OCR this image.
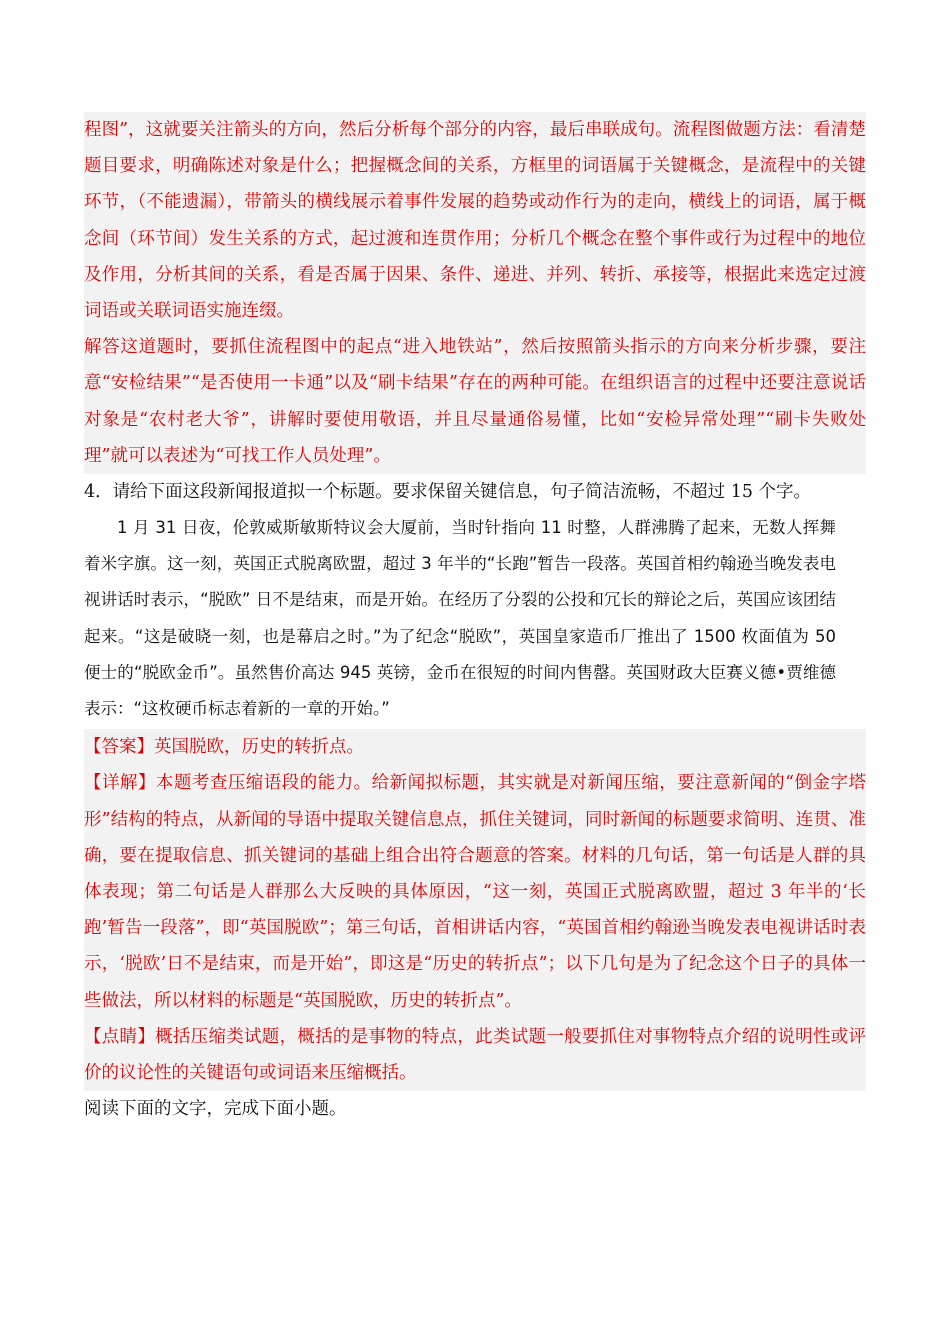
程图”，这就要关注箭头的方向，然后分析每个部分的内容，最后串联成句。流程图做题方法：看清楚题目要求，明确陈述对象是什么；把握概念间的关系，方框里的词语属于关键概念，是流程中的关键环节，（不能遗漏），带箭头的横线展示着事件发展的趋势或动作行为的走向，横线上的词语，属于概念间（环节间）发生关系的方式，起过渡和连贯作用；分析几个概念在整个事件或行为过程中的地位及作用，分析其间的关系，看是否属于因果、条件、递进、并列、转折、承接等，根据此来选定过渡词语或关联词语实施连缀。

解答这道题时，要抓住流程图中的起点“进入地铁站”，然后按照箭头指示的方向来分析步骤，要注意“安检结果”“是否使用一卡通”以及“刷卡结果”存在的两种可能。在组织语言的过程中还要注意说话对象是“农村老大爷”，讲解时要使用敬语，并且尽量通俗易懂，比如“安检异常处理”“刷卡失败处理”就可以表述为“可找工作人员处理”。

4．请给下面这段新闻报道拟一个标题。要求保留关键信息，句子简洁流畅，不超过 15 个字。

1 月 31 日夜，伦敦威斯敏斯特议会大厦前，当时针指向 11 时整，人群沸腾了起来，无数人挥舞着米字旗。这一刻，英国正式脱离欧盟，超过 3 年半的“长跑”暂告一段落。英国首相约翰逊当晚发表电视讲话时表示，“脱欧” 日不是结束，而是开始。在经历了分裂的公投和冗长的辩论之后，英国应该团结起来。“这是破晓一刻，也是幕启之时。”为了纪念“脱欧”，英国皇家造币厂推出了 1500 枚面值为 50 便士的“脱欧金币”。虽然售价高达 945 英镑，金币在很短的时间内售罄。英国财政大臣赛义德•贾维德表示：“这枚硬币标志着新的一章的开始。”

【答案】英国脱欧，历史的转折点。

【详解】本题考查压缩语段的能力。给新闻拟标题，其实就是对新闻压缩，要注意新闻的“倒金字塔形”结构的特点，从新闻的导语中提取关键信息点，抓住关键词，同时新闻的标题要求简明、连贯、准确，要在提取信息、抓关键词的基础上组合出符合题意的答案。材料的几句话，第一句话是人群的具体表现；第二句话是人群那么大反映的具体原因，“这一刻，英国正式脱离欧盟，超过 3 年半的‘长跑’暂告一段落”，即“英国脱欧”；第三句话，首相讲话内容，“英国首相约翰逊当晚发表电视讲话时表示，‘脱欧’日不是结束，而是开始”，即这是“历史的转折点”；以下几句是为了纪念这个日子的具体一些做法，所以材料的标题是“英国脱欧，历史的转折点”。

【点睛】概括压缩类试题，概括的是事物的特点，此类试题一般要抓住对事物特点介绍的说明性或评价的议论性的关键语句或词语来压缩概括。

阅读下面的文字，完成下面小题。
